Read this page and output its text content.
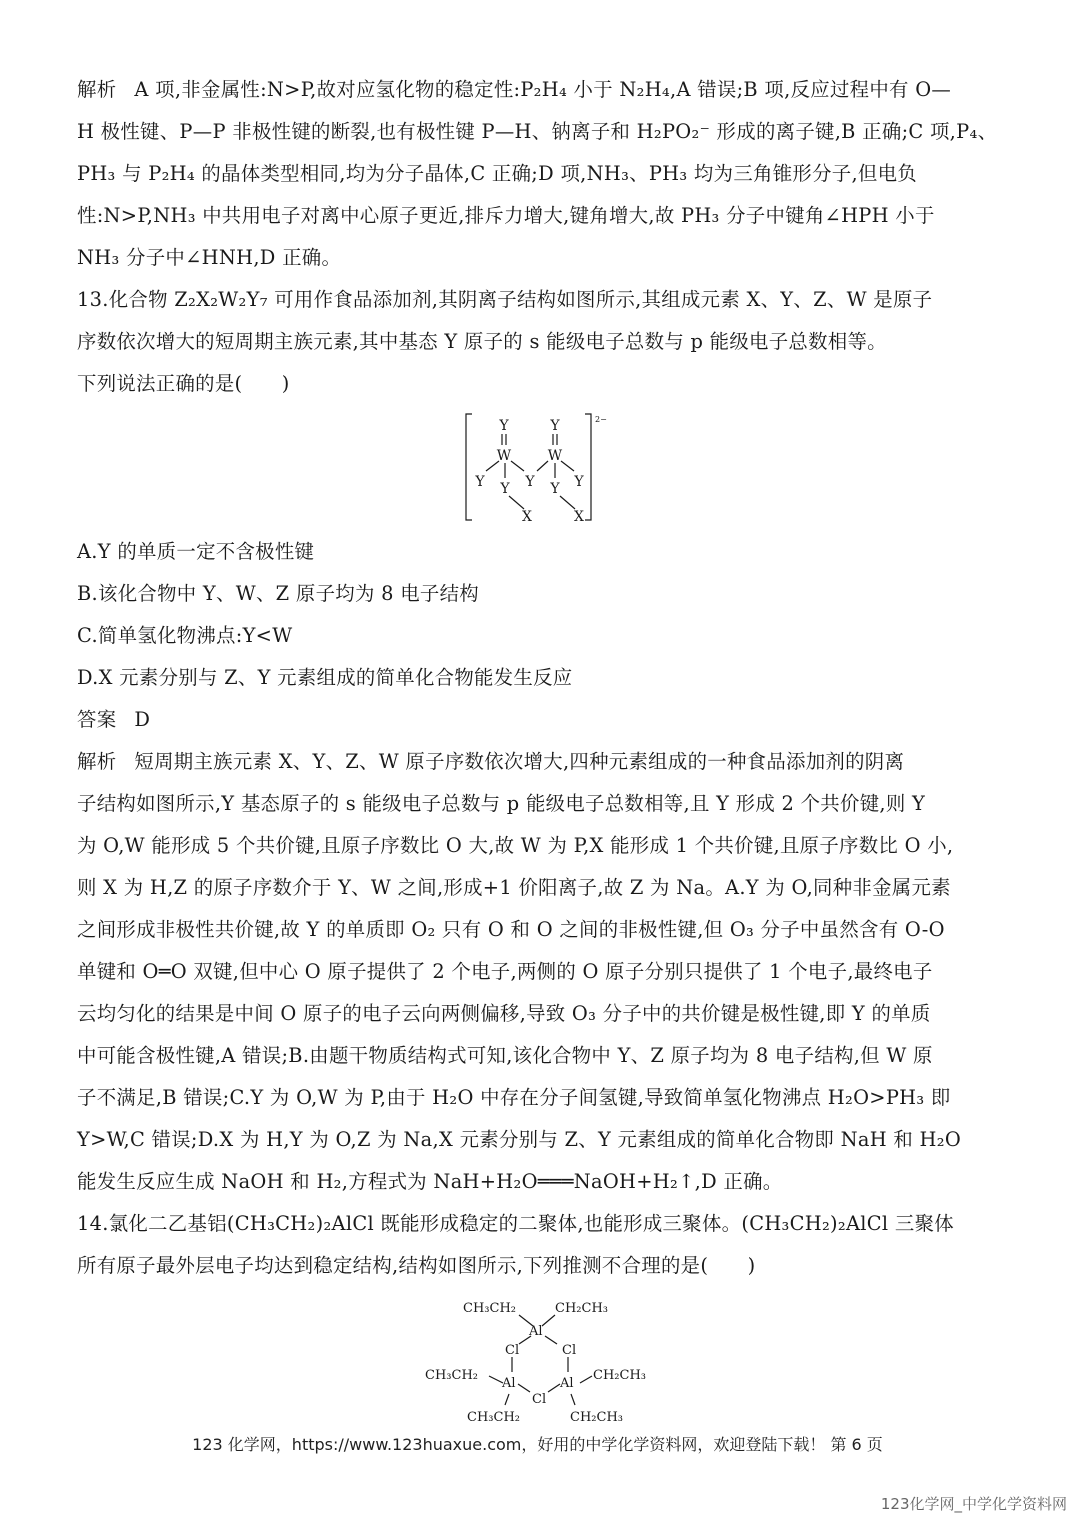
解析 A 项,非金属性:N>P,故对应氢化物的稳定性:P₂H₄ 小于 N₂H₄,A 错误;B 项,反应过程中有 O—
H 极性键、P—P 非极性键的断裂,也有极性键 P—H、钠离子和 H₂PO₂⁻ 形成的离子键,B 正确;C 项,P₄、
PH₃ 与 P₂H₄ 的晶体类型相同,均为分子晶体,C 正确;D 项,NH₃、PH₃ 均为三角锥形分子,但电负
性:N>P,NH₃ 中共用电子对离中心原子更近,排斥力增大,键角增大,故 PH₃ 分子中键角∠HPH 小于
NH₃ 分子中∠HNH,D 正确。
13.化合物 Z₂X₂W₂Y₇ 可用作食品添加剂,其阴离子结构如图所示,其组成元素 X、Y、Z、W 是原子
序数依次增大的短周期主族元素,其中基态 Y 原子的 s 能级电子总数与 p 能级电子总数相等。
下列说法正确的是(　　)
A.Y 的单质一定不含极性键
B.该化合物中 Y、W、Z 原子均为 8 电子结构
C.简单氢化物沸点:Y<W
D.X 元素分别与 Z、Y 元素组成的简单化合物能发生反应
答案 D
解析 短周期主族元素 X、Y、Z、W 原子序数依次增大,四种元素组成的一种食品添加剂的阴离
子结构如图所示,Y 基态原子的 s 能级电子总数与 p 能级电子总数相等,且 Y 形成 2 个共价键,则 Y
为 O,W 能形成 5 个共价键,且原子序数比 O 大,故 W 为 P,X 能形成 1 个共价键,且原子序数比 O 小,
则 X 为 H,Z 的原子序数介于 Y、W 之间,形成+1 价阳离子,故 Z 为 Na。A.Y 为 O,同种非金属元素
之间形成非极性共价键,故 Y 的单质即 O₂ 只有 O 和 O 之间的非极性键,但 O₃ 分子中虽然含有 O-O
单键和 O═O 双键,但中心 O 原子提供了 2 个电子,两侧的 O 原子分别只提供了 1 个电子,最终电子
云均匀化的结果是中间 O 原子的电子云向两侧偏移,导致 O₃ 分子中的共价键是极性键,即 Y 的单质
中可能含极性键,A 错误;B.由题干物质结构式可知,该化合物中 Y、Z 原子均为 8 电子结构,但 W 原
子不满足,B 错误;C.Y 为 O,W 为 P,由于 H₂O 中存在分子间氢键,导致简单氢化物沸点 H₂O>PH₃ 即
Y>W,C 错误;D.X 为 H,Y 为 O,Z 为 Na,X 元素分别与 Z、Y 元素组成的简单化合物即 NaH 和 H₂O
能发生反应生成 NaOH 和 H₂,方程式为 NaH+H₂O═══NaOH+H₂↑,D 正确。
14.氯化二乙基铝(CH₃CH₂)₂AlCl 既能形成稳定的二聚体,也能形成三聚体。(CH₃CH₂)₂AlCl 三聚体
所有原子最外层电子均达到稳定结构,结构如图所示,下列推测不合理的是(　　)
Y	Y
W	W
Y	Y	Y
Y	Y
X	X
2−
CH₃CH₂	CH₂CH₃
Al
Cl	Cl
CH₃CH₂
Al	Al
CH₂CH₃
Cl
CH₃CH₂	CH₂CH₃
123 化学网，https://www.123huaxue.com，好用的中学化学资料网，欢迎登陆下载！ 第 6 页
123化学网_中学化学资料网
